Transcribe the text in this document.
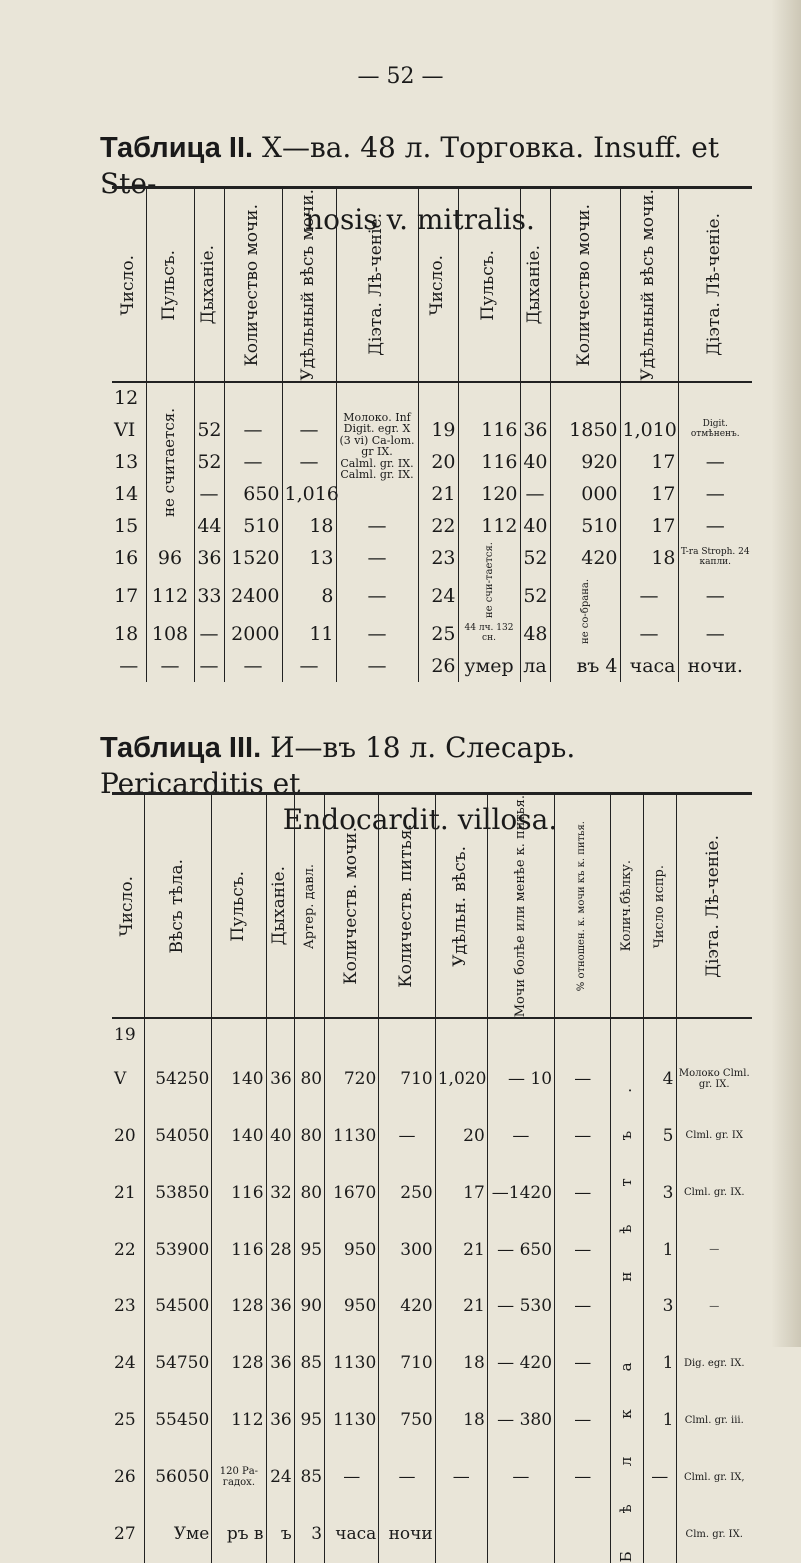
— 52 —
Таблица II. X—ва. 48 л. Торговка. Insuff. et Ste-
nosis v. mitralis.
Число.	Пульсъ.	Дыханіе.	Количество мочи.	Удѣльный вѣсъ мочи.	Діэта. Лѣ-ченіе.	Число.	Пульсъ.	Дыханіе.	Количество мочи.	Удѣльный вѣсъ мочи.	Діэта. Лѣ-ченіе.

12	не считается.				Молоко. Inf Digit. egr. X (3 vi) Ca-lom. gr IX.
Calml. gr. IX.
Calml. gr. IX.						

VI		52	—	—		19	116	36	1850	1,010	Digit. отмѣненъ.
13		52	—	—		20	116	40	920	17	—
14		—	650	1,016		21	120	—	000	17	—
15		44	510	18	—	22	112	40	510	17	—
16	96	36	1520	13	—	23	не счи-тается.	52	420	18	T-ra Stroph. 24 капли.
17	112	33	2400	8	—	24		52	не со-брана.	—	—
18	108	—	2000	11	—	25	44 лч. 132 сн.	48		—	—
—	—	—	—	—	—	26	умер	ла	въ 4	часа	ночи.
Таблица III. И—въ 18 л. Слесарь. Pericarditis et
Endocardit. villosa.
Число.	Вѣсъ тѣла.	Пульсъ.	Дыханіе.	Артер. давл.	Количеств. мочи.	Количеств. питья.	Удѣльн. вѣсъ.	Мочи болѣе или менѣе к. питья.	% отношен. к. мочи къ к. питья.	Колич.бѣлку.	Число испр.	Діэта. Лѣ-ченіе.

19												
V	54250	140	36	80	720	710	1,020	— 10	—	Бѣлка нѣтъ.	4	Молоко Clml. gr. IX.
20	54050	140	40	80	1130	—	20	—	—		5	Clml. gr. IX
21	53850	116	32	80	1670	250	17	—1420	—		3	Clml. gr. IX.
22	53900	116	28	95	950	300	21	— 650	—		1	—
23	54500	128	36	90	950	420	21	— 530	—		3	—
24	54750	128	36	85	1130	710	18	— 420	—		1	Dig. egr. IX.
25	55450	112	36	95	1130	750	18	— 380	—		1	Clml. gr. iii.
26	56050	120 Ра-гадох.	24	85	—	—	—	—	—		—	Clml. gr. IX,
27	Уме	ръ в	ъ	3	часа	ночи						Clm. gr. IX.
